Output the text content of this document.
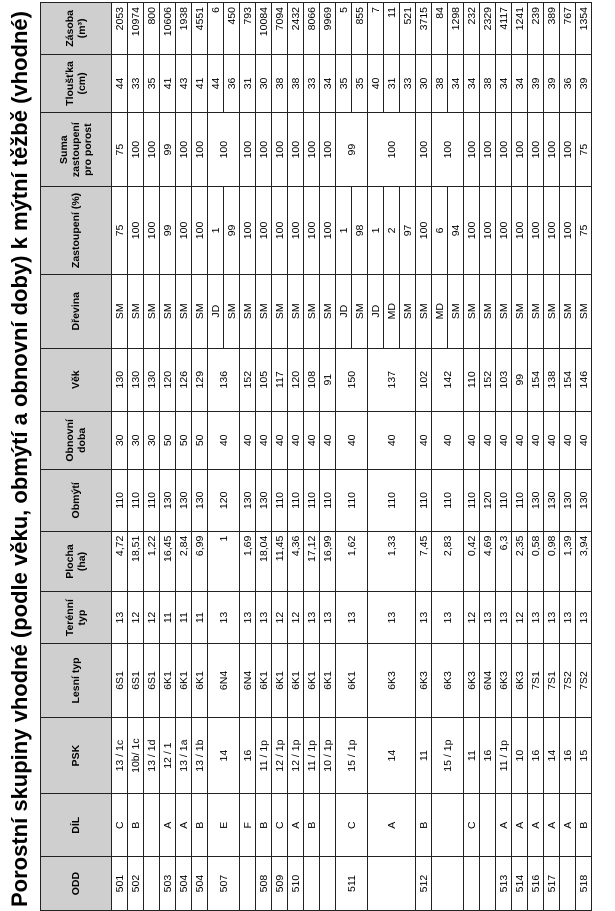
Porostní skupiny vhodné (podle věku, obmýtí a obnovní doby) k mýtní těžbě (vhodné)	ODD	DÍL	PSK	Lesní typ	Terénní typ	Plocha (ha)	Obmýtí	Obnovní doba	Věk	Dřevina	Zastoupení (%)	Suma zastoupení pro porost	Tloušťka (cm)	Zásoba (m³)
501	C	13 / 1c	6S1	13	4,72	110	30	130	SM	75	75	44	2053
502	B	10b/ 1c	6S1	12	18,51	110	30	130	SM	100	100	33	10974
		13 / 1d	6S1	12	1,22	110	30	130	SM	100	100	35	800
503	A	12 / 1	6K1	11	16,45	130	50	120	SM	99	99	41	10606
504	A	13 / 1a	6K1	11	2,84	130	50	126	SM	100	100	43	1938
504	B	13 / 1b	6K1	11	6,99	130	50	129	SM	100	100	41	4551
507	E	14	6N4	13	1	120	40	136	JD	1	100	44	6
									SM	99		36	450
	F	16	6N4	13	1,69	130	40	152	SM	100	100	31	793
508	B	11 / 1p	6K1	13	18,04	130	40	105	SM	100	100	30	10084
509	C	12 / 1p	6K1	12	11,45	110	40	117	SM	100	100	38	7094
510	A	12 / 1p	6K1	12	4,36	110	40	120	SM	100	100	38	2432
	B	11 / 1p	6K1	13	17,12	110	40	108	SM	100	100	33	8066
		10 / 1p	6K1	13	16,99	110	40	91	SM	100	100	34	9969
511	C	15 / 1p	6K1	13	1,62	110	40	150	JD	1	99	35	5
									SM	98		35	855
	A	14	6K3	13	1,33	110	40	137	JD	1	100	40	7
									MD	2		31	11
									SM	97		33	521
512	B	11	6K3	13	7,45	110	40	102	SM	100	100	30	3715
		15 / 1p	6K3	13	2,83	110	40	142	MD	6	100	38	84
									SM	94		34	1298
	C	11	6K3	12	0,42	110	40	110	SM	100	100	34	232
		16	6N4	13	4,69	120	40	152	SM	100	100	38	2329
513	A	11 / 1p	6K3	13	6,3	110	40	103	SM	100	100	34	4117
514	A	10	6K3	12	2,35	110	40	99	SM	100	100	34	1241
516	A	16	7S1	13	0,58	130	40	154	SM	100	100	39	239
517	A	14	7S1	13	0,98	130	40	138	SM	100	100	39	389
	A	16	7S2	13	1,39	130	40	154	SM	100	100	36	767
518	B	15	7S2	13	3,94	130	40	146	SM	75	75	39	1354
